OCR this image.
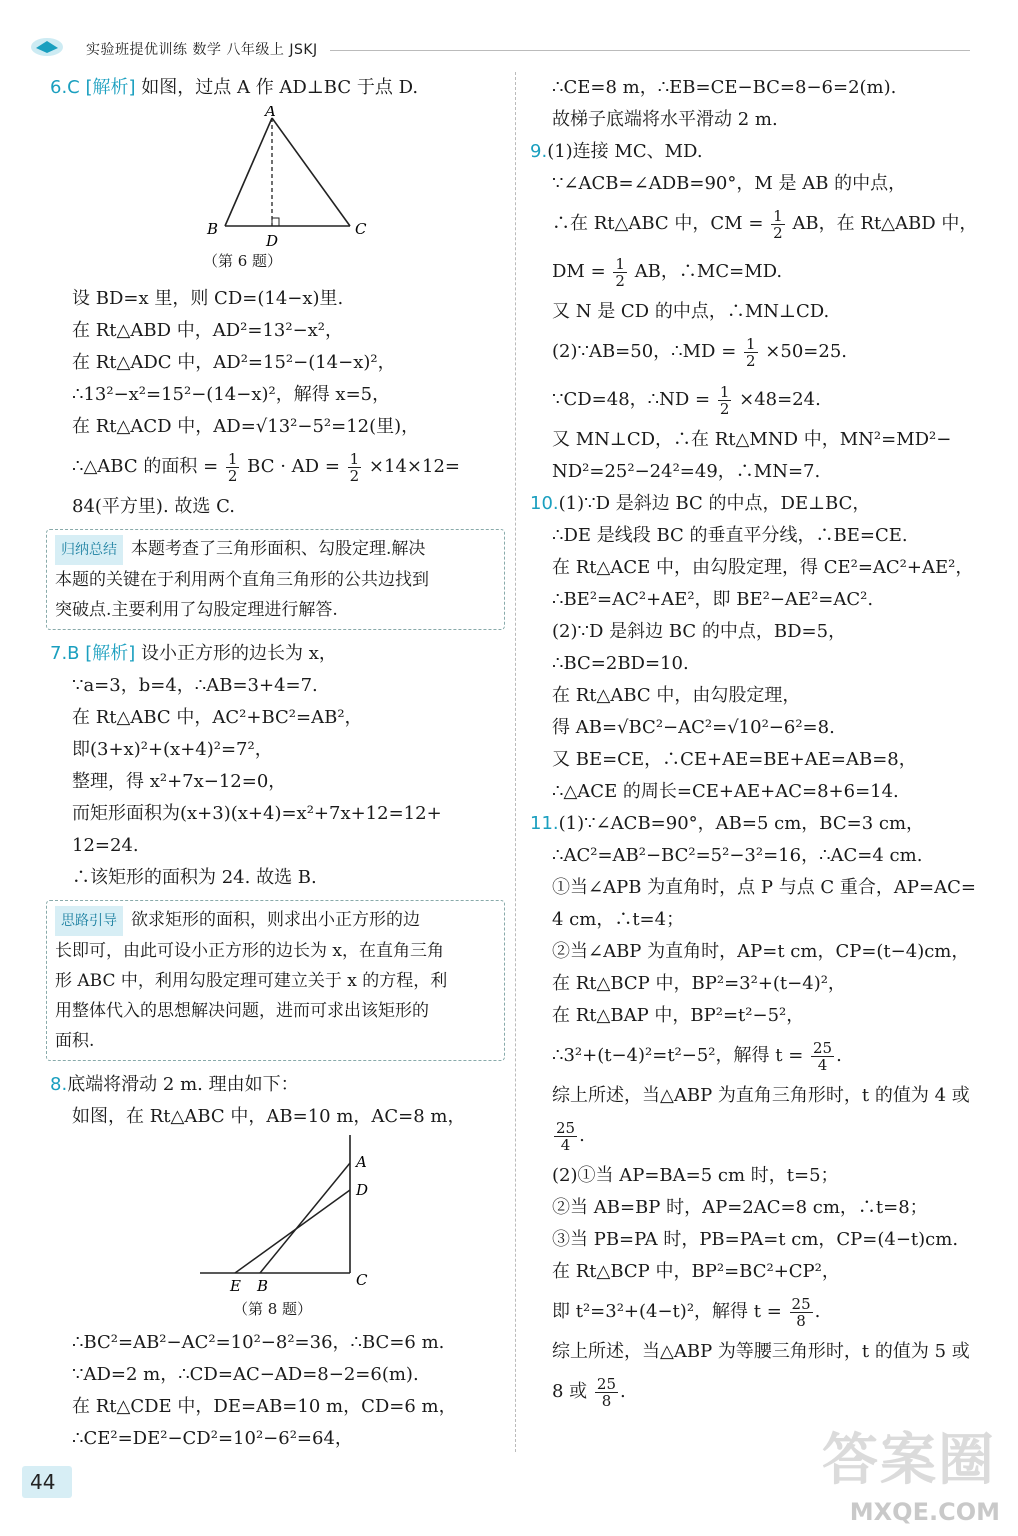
实验班提优训练 数学 八年级上 JSKJ
6.C [解析] 如图，过点 A 作 AD⊥BC 于点 D.
A
B	C
D
（第 6 题）
设 BD=x 里，则 CD=(14−x)里.
在 Rt△ABD 中，AD²=13²−x²，
在 Rt△ADC 中，AD²=15²−(14−x)²，
∴13²−x²=15²−(14−x)²，解得 x=5，
在 Rt△ACD 中，AD=√13²−5²=12(里)，
∴△ABC 的面积 = $\frac{1}{2}$ BC · AD = $\frac{1}{2} \times 14\times 12=$
84(平方里). 故选 C.
归纳总结 本题考查了三角形面积、勾股定理.解决
本题的关键在于利用两个直角三角形的公共边找到
突破点.主要利用了勾股定理进行解答.
7.B [解析] 设小正方形的边长为 x，
∵a=3，b=4，∴AB=3+4=7.
在 Rt△ABC 中，AC²+BC²=AB²，
即(3+x)²+(x+4)²=7²，
整理，得 x²+7x−12=0，
而矩形面积为(x+3)(x+4)=x²+7x+12=12+
12=24.
∴该矩形的面积为 24. 故选 B.
思路引导 欲求矩形的面积，则求出小正方形的边
长即可，由此可设小正方形的边长为 x，在直角三角
形 ABC 中，利用勾股定理可建立关于 x 的方程，利
用整体代入的思想解决问题，进而可求出该矩形的
面积.
8.底端将滑动 2 m. 理由如下：
如图，在 Rt△ABC 中，AB=10 m，AC=8 m，
A
D
C
E B
（第 8 题）
∴BC²=AB²−AC²=10²−8²=36，∴BC=6 m.
∵AD=2 m，∴CD=AC−AD=8−2=6(m).
在 Rt△CDE 中，DE=AB=10 m，CD=6 m，
∴CE²=DE²−CD²=10²−6²=64，
∴CE=8 m，∴EB=CE−BC=8−6=2(m).
故梯子底端将水平滑动 2 m.
9.(1)连接 MC、MD.
∵∠ACB=∠ADB=90°，M 是 AB 的中点，
∴在 Rt△ABC 中，CM = $\frac{1}{2}$ AB，在 Rt△ABD 中，
DM = $\frac{1}{2}$ AB，∴MC=MD.
又 N 是 CD 的中点，∴MN⊥CD.
(2)∵AB=50，∴MD = $\frac{1}{2} \times 50=25$.
∵CD=48，∴ND = $\frac{1}{2} \times 48=24$.
又 MN⊥CD，∴在 Rt△MND 中，MN²=MD²−
ND²=25²−24²=49，∴MN=7.
10.(1)∵D 是斜边 BC 的中点，DE⊥BC，
∴DE 是线段 BC 的垂直平分线，∴BE=CE.
在 Rt△ACE 中，由勾股定理，得 CE²=AC²+AE²，
∴BE²=AC²+AE²，即 BE²−AE²=AC².
(2)∵D 是斜边 BC 的中点，BD=5，
∴BC=2BD=10.
在 Rt△ABC 中，由勾股定理，
得 AB=√BC²−AC²=√10²−6²=8.
又 BE=CE，∴CE+AE=BE+AE=AB=8，
∴△ACE 的周长=CE+AE+AC=8+6=14.
11.(1)∵∠ACB=90°，AB=5 cm，BC=3 cm，
∴AC²=AB²−BC²=5²−3²=16，∴AC=4 cm.
①当∠APB 为直角时，点 P 与点 C 重合，AP=AC=
4 cm，∴t=4；
②当∠ABP 为直角时，AP=t cm，CP=(t−4)cm，
在 Rt△BCP 中，BP²=3²+(t−4)²，
在 Rt△BAP 中，BP²=t²−5²，
∴3²+(t−4)²=t²−5²，解得 $t = \frac{25}{4}$ .
综上所述，当△ABP 为直角三角形时，t 的值为 4 或
$\frac{25}{4}$ .
(2)①当 AP=BA=5 cm 时，t=5；
②当 AB=BP 时，AP=2AC=8 cm，∴t=8；
③当 PB=PA 时，PB=PA=t cm，CP=(4−t)cm.
在 Rt△BCP 中，BP²=BC²+CP²，
即 t²=3²+(4−t)²，解得 $t = \frac{25}{8}$ .
综上所述，当△ABP 为等腰三角形时，t 的值为 5 或
8 或 $\frac{25}{8}$ .
44	答案圈
MXQE.COM
